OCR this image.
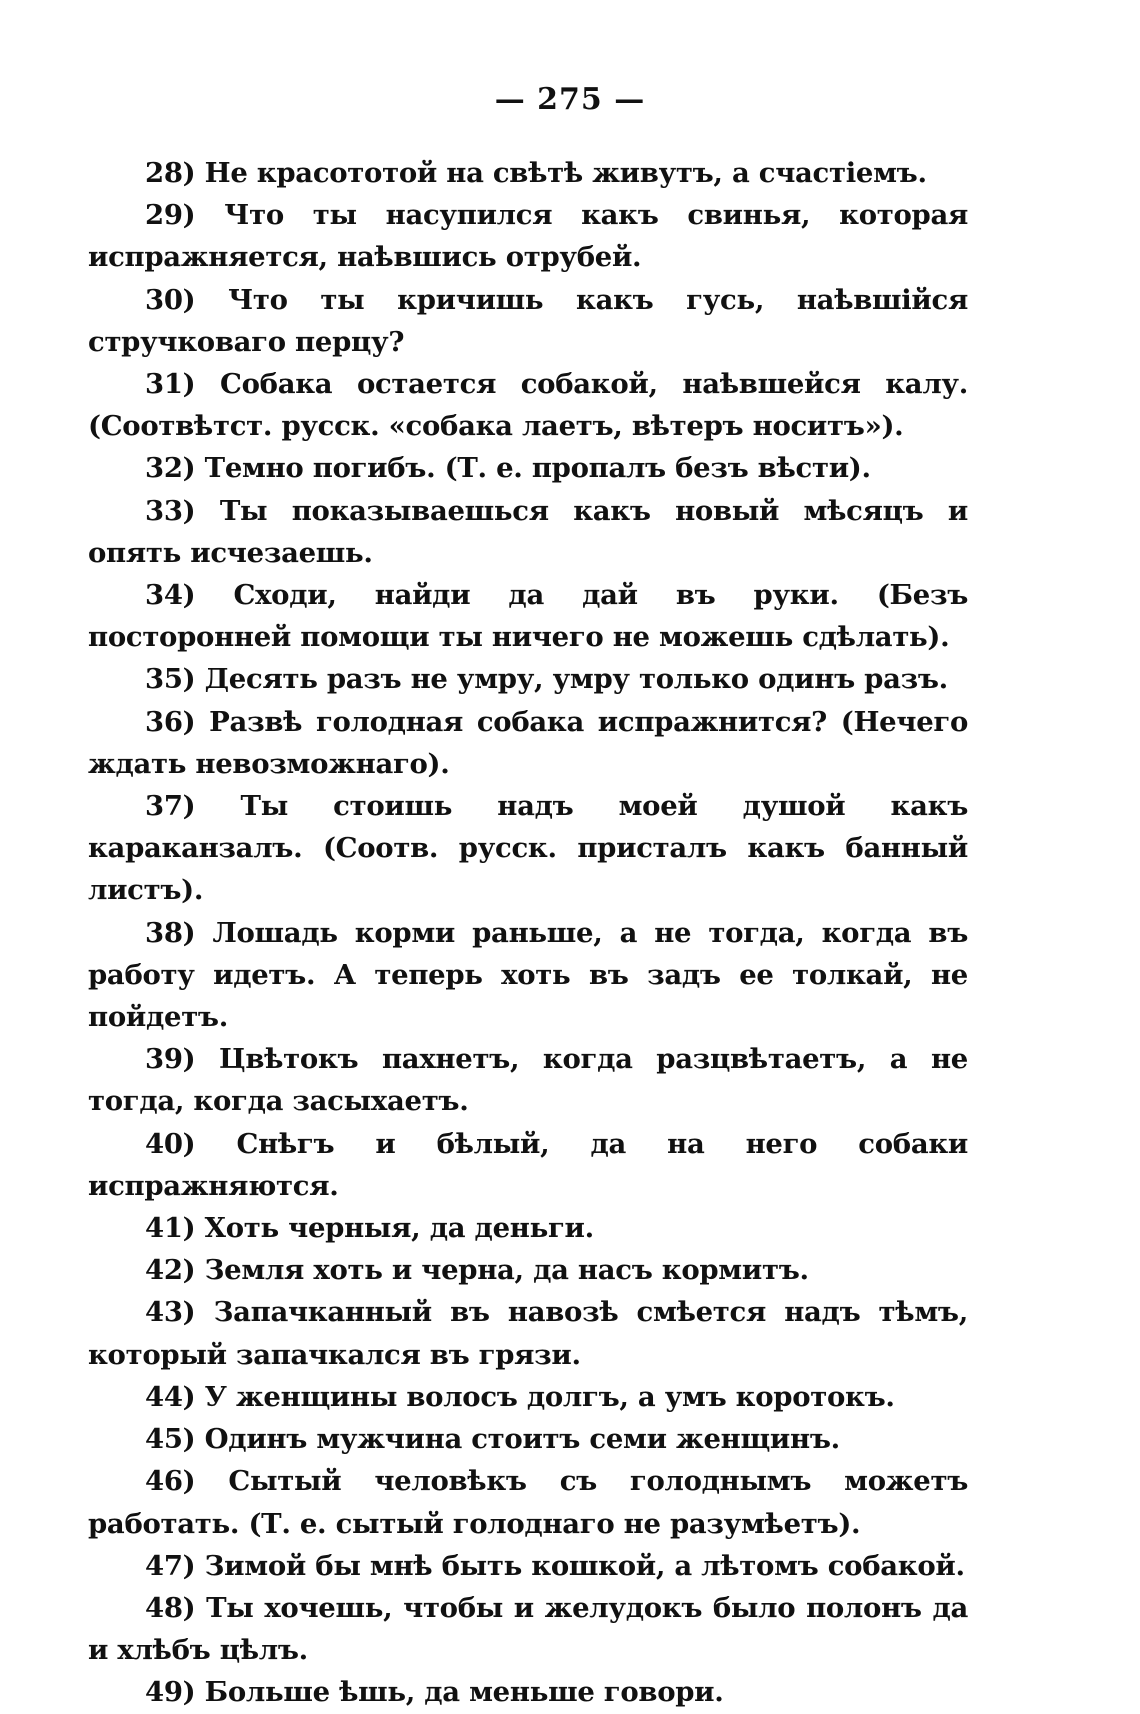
— 275 —

28) Не красототой на свѣтѣ живутъ, а счастіемъ.

29) Что ты насупился какъ свинья, которая испражняется, наѣвшись отрубей.

30) Что ты кричишь какъ гусь, наѣвшійся стручковаго перцу?

31) Собака остается собакой, наѣвшейся калу. (Соотвѣтст. русск. «собака лаетъ, вѣтеръ носитъ»).

32) Темно погибъ. (Т. е. пропалъ безъ вѣсти).

33) Ты показываешься какъ новый мѣсяцъ и опять исчезаешь.

34) Сходи, найди да дай въ руки. (Безъ посторонней помощи ты ничего не можешь сдѣлать).

35) Десять разъ не умру, умру только одинъ разъ.

36) Развѣ голодная собака испражнится? (Нечего ждать невозможнаго).

37) Ты стоишь надъ моей душой какъ караканзалъ. (Соотв. русск. присталъ какъ банный листъ).

38) Лошадь корми раньше, а не тогда, когда въ работу идетъ. А теперь хоть въ задъ ее толкай, не пойдетъ.

39) Цвѣтокъ пахнетъ, когда разцвѣтаетъ, а не тогда, когда засыхаетъ.

40) Снѣгъ и бѣлый, да на него собаки испражняются.

41) Хоть черныя, да деньги.

42) Земля хоть и черна, да насъ кормитъ.

43) Запачканный въ навозѣ смѣется надъ тѣмъ, который запачкался въ грязи.

44) У женщины волосъ долгъ, а умъ коротокъ.

45) Одинъ мужчина стоитъ семи женщинъ.

46) Сытый человѣкъ съ голоднымъ можетъ работать. (Т. е. сытый голоднаго не разумѣетъ).

47) Зимой бы мнѣ быть кошкой, а лѣтомъ собакой.

48) Ты хочешь, чтобы и желудокъ было полонъ да и хлѣбъ цѣлъ.

49) Больше ѣшь, да меньше говори.
